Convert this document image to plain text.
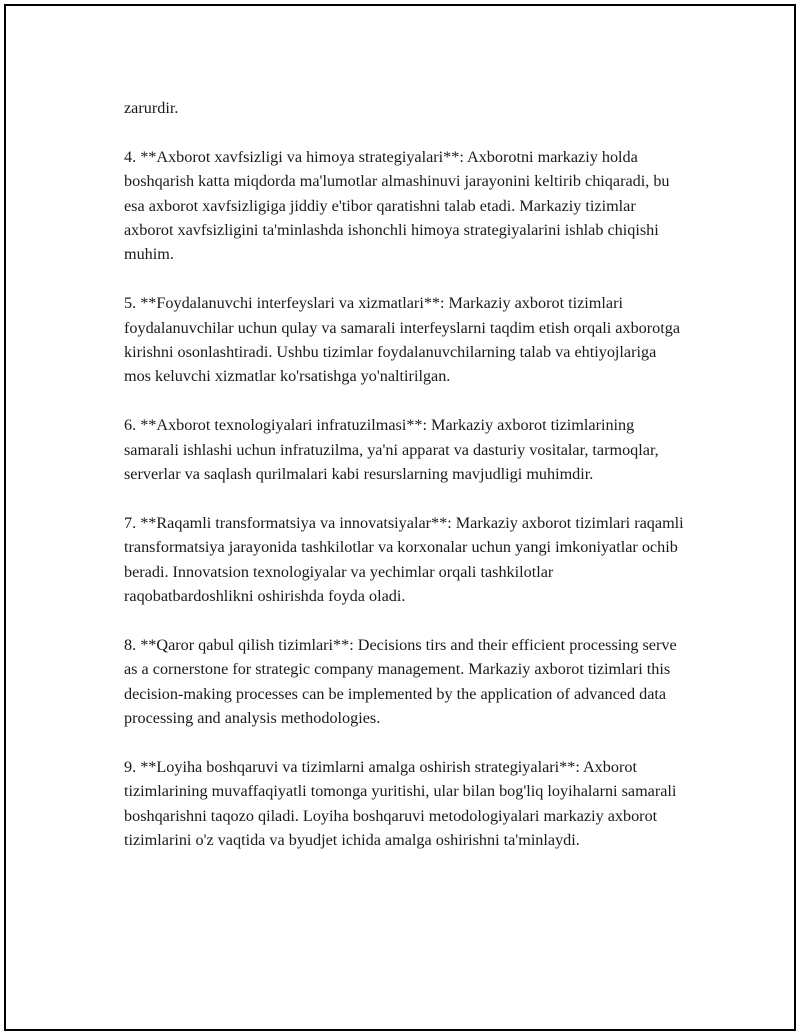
zarurdir.

4. **Axborot xavfsizligi va himoya strategiyalari**: Axborotni markaziy holda boshqarish katta miqdorda ma'lumotlar almashinuvi jarayonini keltirib chiqaradi, bu esa axborot xavfsizligiga jiddiy e'tibor qaratishni talab etadi. Markaziy tizimlar axborot xavfsizligini ta'minlashda ishonchli himoya strategiyalarini ishlab chiqishi muhim.

5. **Foydalanuvchi interfeyslari va xizmatlari**: Markaziy axborot tizimlari foydalanuvchilar uchun qulay va samarali interfeyslarni taqdim etish orqali axborotga kirishni osonlashtiradi. Ushbu tizimlar foydalanuvchilarning talab va ehtiyojlariga mos keluvchi xizmatlar ko'rsatishga yo'naltirilgan.

6. **Axborot texnologiyalari infratuzilmasi**: Markaziy axborot tizimlarining samarali ishlashi uchun infratuzilma, ya'ni apparat va dasturiy vositalar, tarmoqlar, serverlar va saqlash qurilmalari kabi resurslarning mavjudligi muhimdir.

7. **Raqamli transformatsiya va innovatsiyalar**: Markaziy axborot tizimlari raqamli transformatsiya jarayonida tashkilotlar va korxonalar uchun yangi imkoniyatlar ochib beradi. Innovatsion texnologiyalar va yechimlar orqali tashkilotlar raqobatbardoshlikni oshirishda foyda oladi.

8. **Qaror qabul qilish tizimlari**: Decisions tirs and their efficient processing serve as a cornerstone for strategic company management. Markaziy axborot tizimlari this decision-making processes can be implemented by the application of advanced data processing and analysis methodologies.

9. **Loyiha boshqaruvi va tizimlarni amalga oshirish strategiyalari**: Axborot tizimlarining muvaffaqiyatli tomonga yuritishi, ular bilan bog'liq loyihalarni samarali boshqarishni taqozo qiladi. Loyiha boshqaruvi metodologiyalari markaziy axborot tizimlarini o'z vaqtida va byudjet ichida amalga oshirishni ta'minlaydi.
